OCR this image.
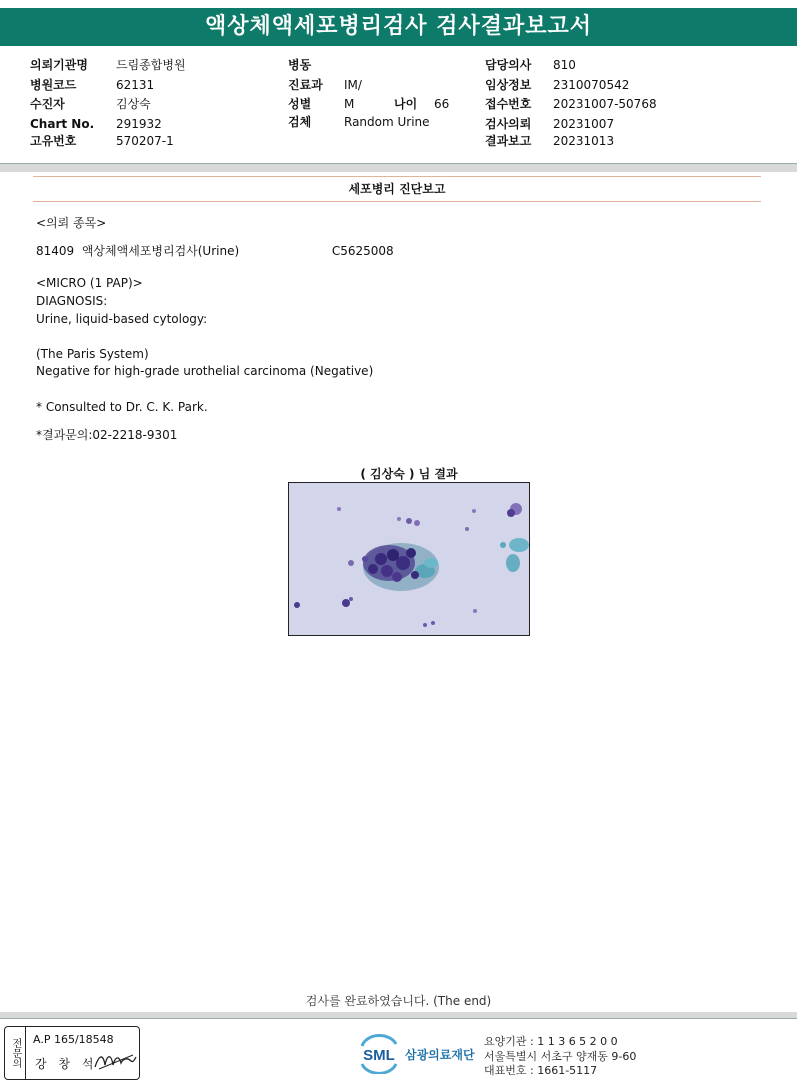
액상체액세포병리검사 검사결과보고서
의뢰기관명 드림종합병원
병원코드	62131
수진자	김상숙
Chart No. 291932
고유번호	570207-1
병동
진료과 IM/
성별	M	나이 66
검체	Random Urine
담당의사 810
임상정보 2310070542
접수번호 20231007-50768
검사의뢰 20231007
결과보고 20231013
세포병리 진단보고
<의뢰 종목>
81409 액상체액세포병리검사(Urine)	C5625008
<MICRO (1 PAP)>
DIAGNOSIS:
Urine, liquid-based cytology:
(The Paris System)
Negative for high-grade urothelial carcinoma (Negative)
* Consulted to Dr. C. K. Park.
*결과문의:02-2218-9301
( 김상숙 ) 님 결과
검사를 완료하였습니다. (The end)
전문의	A.P 165/18548
강 창 석	SML 삼광의료재단
요양기관 : 1 1 3 6 5 2 0 0
서울특별시 서초구 양재동 9-60
대표번호 : 1661-5117
